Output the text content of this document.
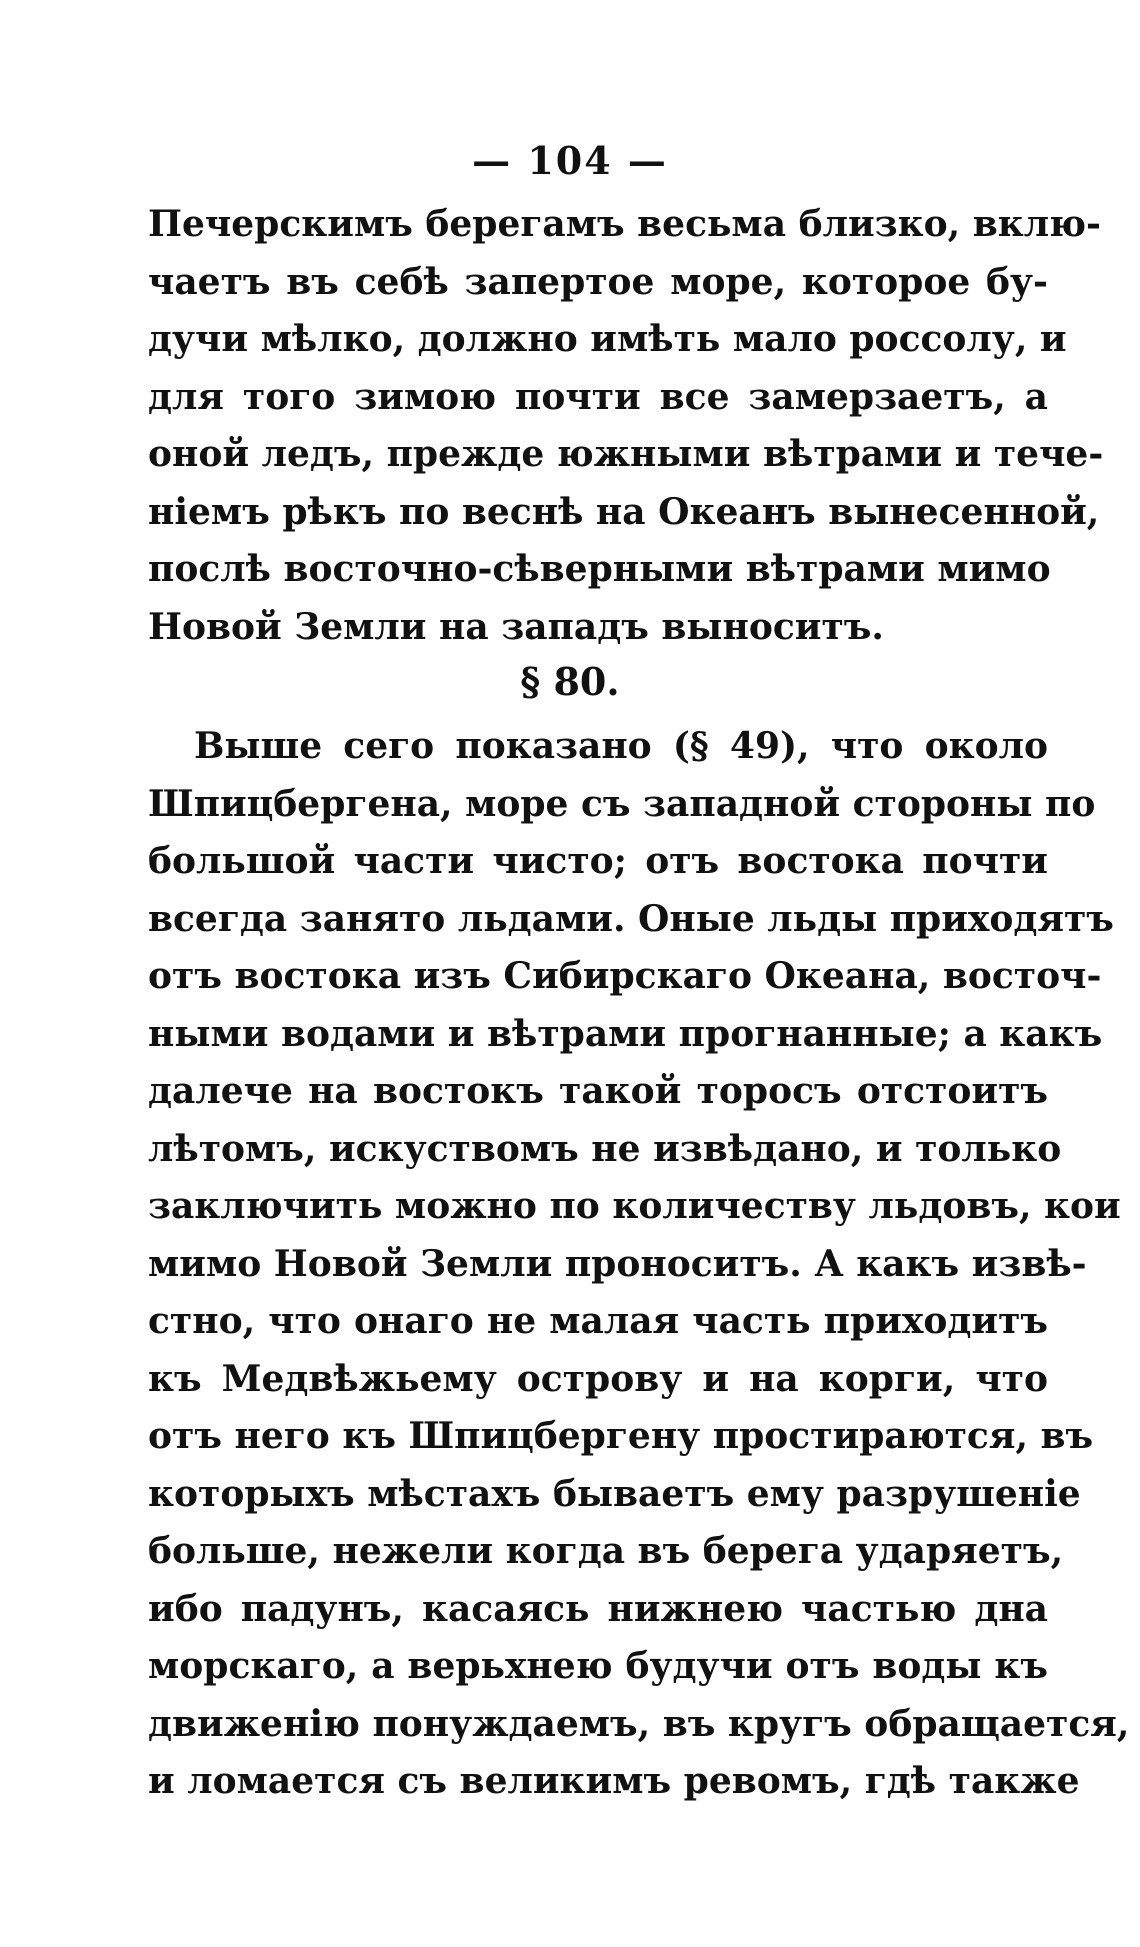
— 104 —
Печерскимъ берегамъ весьма близко, вклю-
чаетъ въ себѣ запертое море, которое бу-
дучи мѣлко, должно имѣть мало россолу, и
для того зимою почти все замерзаетъ, а
оной ледъ, прежде южными вѣтрами и тече-
ніемъ рѣкъ по веснѣ на Океанъ вынесенной,
послѣ восточно-сѣверными вѣтрами мимо
Новой Земли на западъ выноситъ.
§ 80.
Выше сего показано (§ 49), что около
Шпицбергена, море съ западной стороны по
большой части чисто; отъ востока почти
всегда занято льдами. Оные льды приходятъ
отъ востока изъ Сибирскаго Океана, восточ-
ными водами и вѣтрами прогнанные; а какъ
далече на востокъ такой торосъ отстоитъ
лѣтомъ, искуствомъ не извѣдано, и только
заключить можно по количеству льдовъ, кои
мимо Новой Земли проноситъ. А какъ извѣ-
стно, что онаго не малая часть приходитъ
къ Медвѣжьему острову и на корги, что
отъ него къ Шпицбергену простираются, въ
которыхъ мѣстахъ бываетъ ему разрушеніе
больше, нежели когда въ берега ударяетъ,
ибо падунъ, касаясь нижнею частью дна
морскаго, а верьхнею будучи отъ воды къ
движенію понуждаемъ, въ кругъ обращается,
и ломается съ великимъ ревомъ, гдѣ также
